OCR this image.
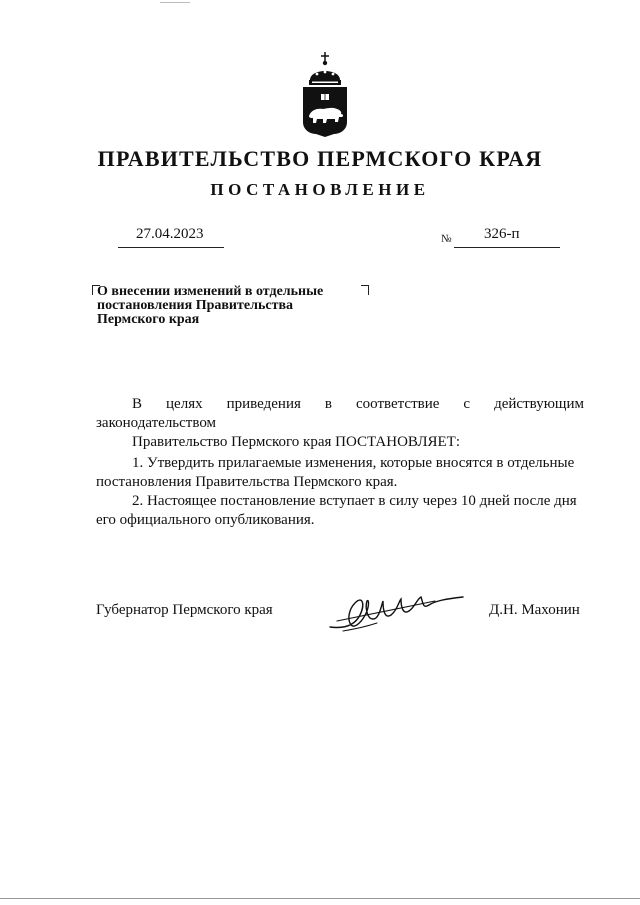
ПРАВИТЕЛЬСТВО ПЕРМСКОГО КРАЯ
ПОСТАНОВЛЕНИЕ
27.04.2023	№ 326-п
О внесении изменений в отдельные
постановления Правительства
Пермского края
В целях приведения в соответствие с действующим
законодательством
Правительство Пермского края ПОСТАНОВЛЯЕТ:
1. Утвердить прилагаемые изменения, которые вносятся в отдельные
постановления Правительства Пермского края.
2. Настоящее постановление вступает в силу через 10 дней после дня
его официального опубликования.
Губернатор Пермского края	Д.Н. Махонин
